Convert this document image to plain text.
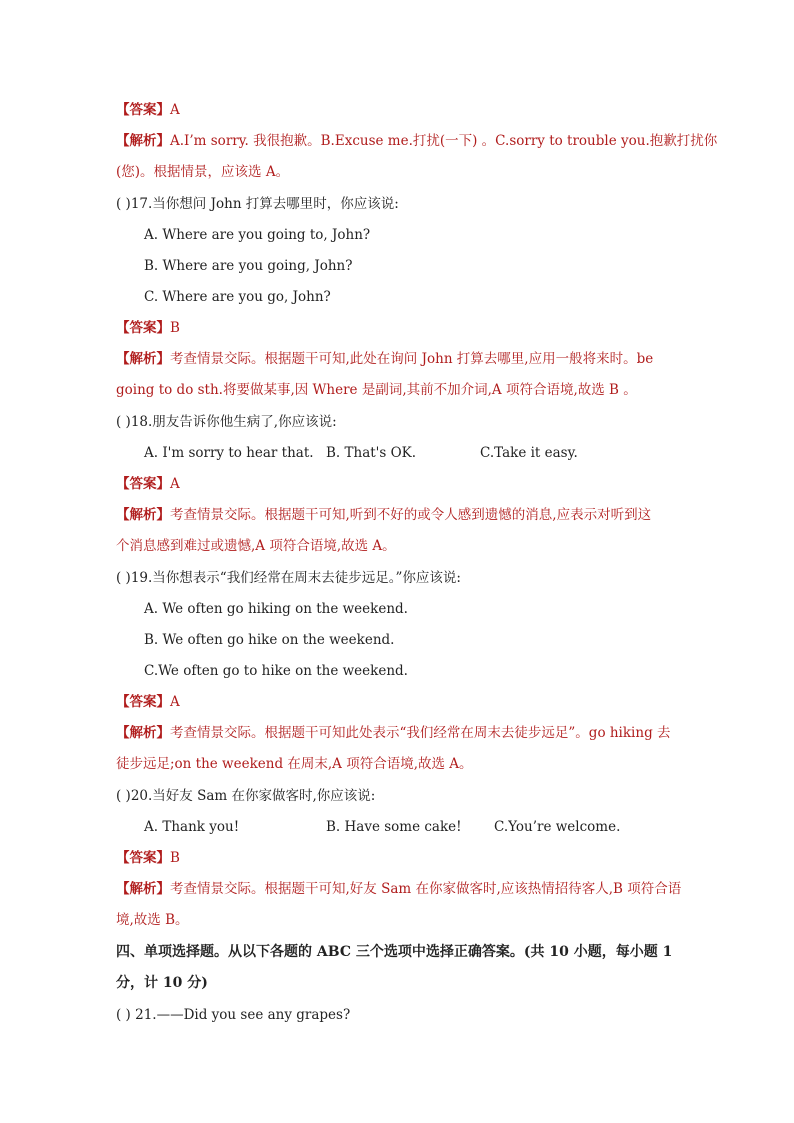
【答案】A
【解析】A.I’m sorry. 我很抱歉。B.Excuse me.打扰(一下) 。C.sorry to trouble you.抱歉打扰你
(您)。根据情景，应该选 A。
( )17.当你想问 John 打算去哪里时，你应该说:
A. Where are you going to, John?
B. Where are you going, John?
C. Where are you go, John?
【答案】B
【解析】考查情景交际。根据题干可知,此处在询问 John 打算去哪里,应用一般将来时。be
going to do sth.将要做某事,因 Where 是副词,其前不加介词,A 项符合语境,故选 B 。
( )18.朋友告诉你他生病了,你应该说:
A. I'm sorry to hear that. B. That's OK.	C.Take it easy.
【答案】A
【解析】考查情景交际。根据题干可知,听到不好的或令人感到遗憾的消息,应表示对听到这
个消息感到难过或遗憾,A 项符合语境,故选 A。
( )19.当你想表示“我们经常在周末去徒步远足。”你应该说:
A. We often go hiking on the weekend.
B. We often go hike on the weekend.
C.We often go to hike on the weekend.
【答案】A
【解析】考查情景交际。根据题干可知此处表示“我们经常在周末去徒步远足”。go hiking 去
徒步远足;on the weekend 在周末,A 项符合语境,故选 A。
( )20.当好友 Sam 在你家做客时,你应该说:
A. Thank you!	B. Have some cake! C.You’re welcome.
【答案】B
【解析】考查情景交际。根据题干可知,好友 Sam 在你家做客时,应该热情招待客人,B 项符合语
境,故选 B。
四、单项选择题。从以下各题的 ABC 三个选项中选择正确答案。(共 10 小题，每小题 1
分，计 10 分)
( ) 21.——Did you see any grapes?
